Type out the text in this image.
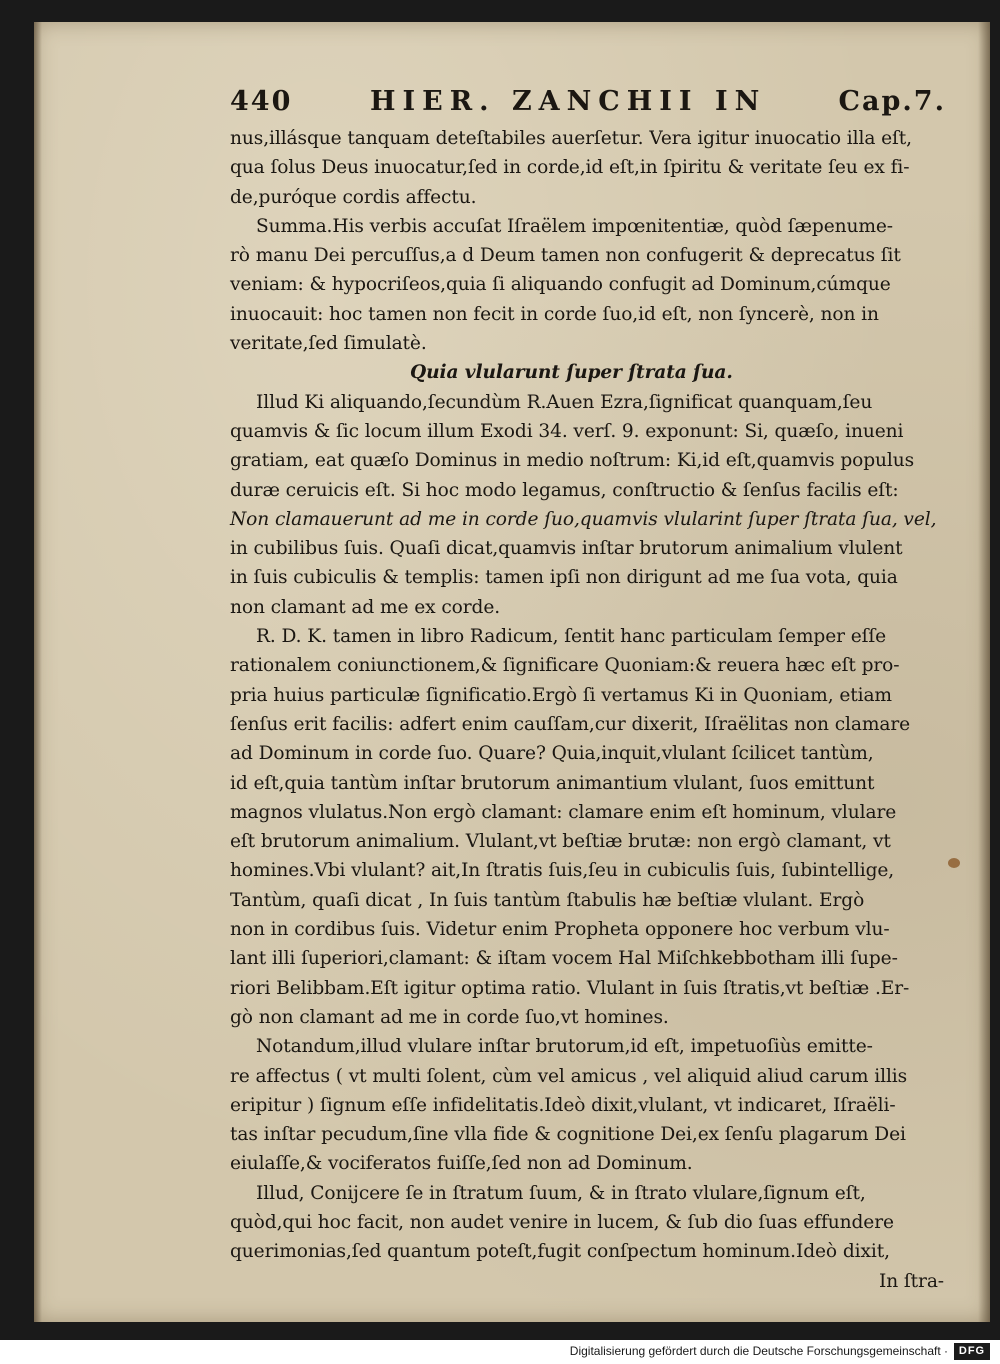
440	HIER. ZANCHII IN	Cap.7.
nus,illásque tanquam deteſtabiles auerſetur. Vera igitur inuocatio illa eſt,
qua ſolus Deus inuocatur,ſed in corde,id eſt,in ſpiritu & veritate ſeu ex fi-
de,puróque cordis affectu.
Summa.His verbis accuſat Iſraëlem impœnitentiæ, quòd ſæpenume-
rò manu Dei percuſſus,a d Deum tamen non confugerit & deprecatus ſit
veniam: & hypocriſeos,quia ſi aliquando confugit ad Dominum,cúmque
inuocauit: hoc tamen non fecit in corde ſuo,id eſt, non ſyncerè, non in
veritate,ſed ſimulatè.
Quia vlularunt ſuper ſtrata ſua.
Illud Ki aliquando,ſecundùm R.Auen Ezra,ſignificat quanquam,ſeu
quamvis & ſic locum illum Exodi 34. verſ. 9. exponunt: Si, quæſo, inueni
gratiam, eat quæſo Dominus in medio noſtrum: Ki,id eſt,quamvis populus
duræ ceruicis eſt. Si hoc modo legamus, conſtructio & ſenſus facilis eſt:
Non clamauerunt ad me in corde ſuo,quamvis vlularint ſuper ſtrata ſua, vel,
in cubilibus ſuis. Quaſi dicat,quamvis inſtar brutorum animalium vlulent
in ſuis cubiculis & templis: tamen ipſi non dirigunt ad me ſua vota, quia
non clamant ad me ex corde.
R. D. K. tamen in libro Radicum, ſentit hanc particulam ſemper eſſe
rationalem coniunctionem,& ſignificare Quoniam:& reuera hæc eſt pro-
pria huius particulæ ſignificatio.Ergò ſi vertamus Ki in Quoniam, etiam
ſenſus erit facilis: adfert enim cauſſam,cur dixerit, Iſraëlitas non clamare
ad Dominum in corde ſuo. Quare? Quia,inquit,vlulant ſcilicet tantùm,
id eſt,quia tantùm inſtar brutorum animantium vlulant, ſuos emittunt
magnos vlulatus.Non ergò clamant: clamare enim eſt hominum, vlulare
eſt brutorum animalium. Vlulant,vt beſtiæ brutæ: non ergò clamant, vt
homines.Vbi vlulant? ait,In ſtratis ſuis,ſeu in cubiculis ſuis, ſubintellige,
Tantùm, quaſi dicat , In ſuis tantùm ſtabulis hæ beſtiæ vlulant. Ergò
non in cordibus ſuis. Videtur enim Propheta opponere hoc verbum vlu-
lant illi ſuperiori,clamant: & iſtam vocem Hal Miſchkebbotham illi ſupe-
riori Belibbam.Eſt igitur optima ratio. Vlulant in ſuis ſtratis,vt beſtiæ .Er-
gò non clamant ad me in corde ſuo,vt homines.
Notandum,illud vlulare inſtar brutorum,id eſt, impetuoſiùs emitte-
re affectus ( vt multi ſolent, cùm vel amicus , vel aliquid aliud carum illis
eripitur ) ſignum eſſe infidelitatis.Ideò dixit,vlulant, vt indicaret, Iſraëli-
tas inſtar pecudum,ſine vlla fide & cognitione Dei,ex ſenſu plagarum Dei
eiulaſſe,& vociferatos fuiſſe,ſed non ad Dominum.
Illud, Conijcere ſe in ſtratum ſuum, & in ſtrato vlulare,ſignum eſt,
quòd,qui hoc facit, non audet venire in lucem, & ſub dio ſuas effundere
querimonias,ſed quantum poteſt,fugit conſpectum hominum.Ideò dixit,
In ſtra-
Digitalisierung gefördert durch die Deutsche Forschungsgemeinschaft · DFG
